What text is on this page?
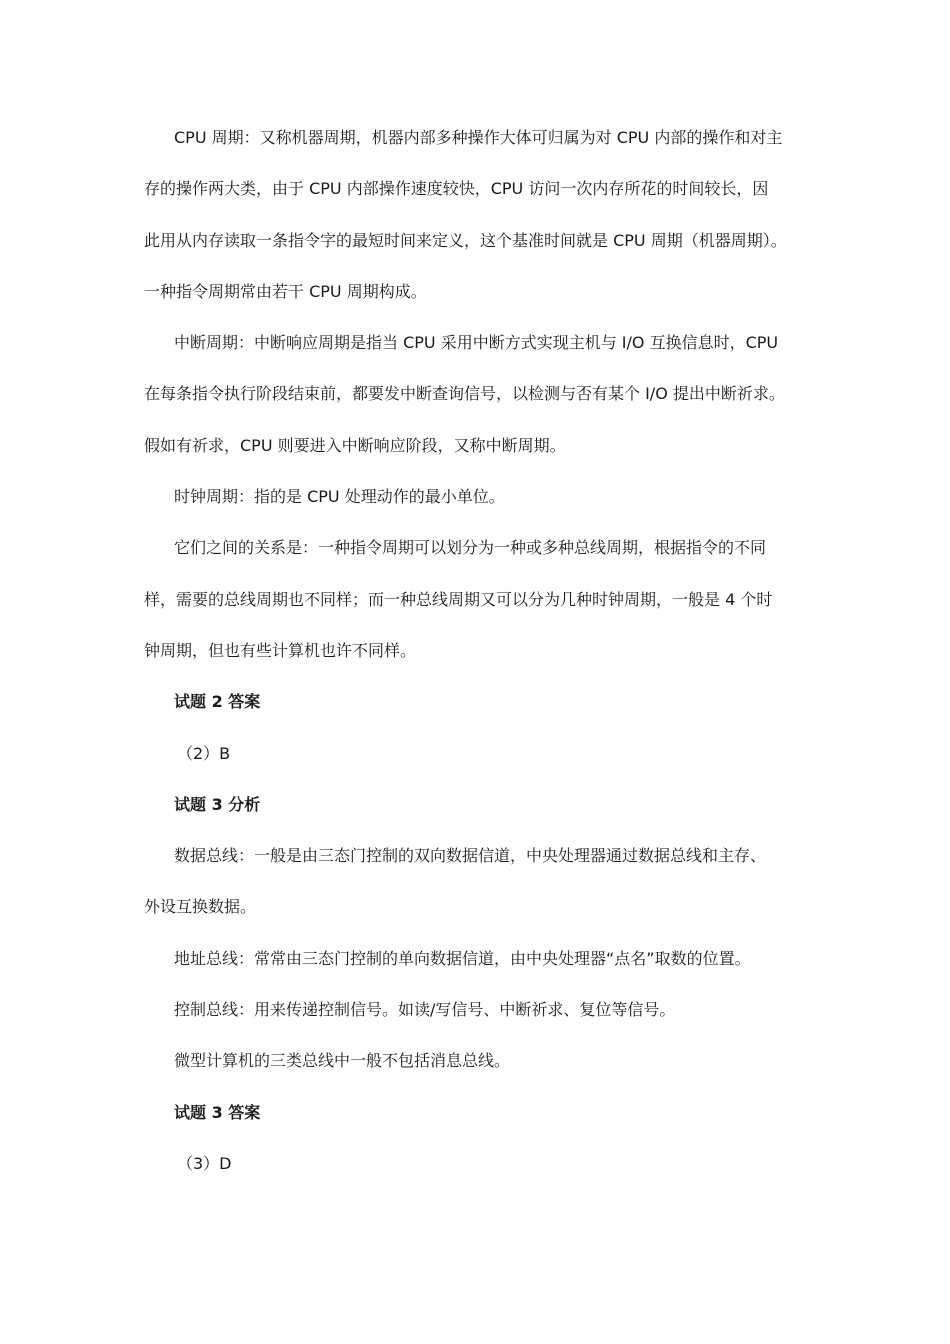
CPU 周期：又称机器周期，机器内部多种操作大体可归属为对 CPU 内部的操作和对主
存的操作两大类，由于 CPU 内部操作速度较快，CPU 访问一次内存所花的时间较长，因
此用从内存读取一条指令字的最短时间来定义，这个基准时间就是 CPU 周期（机器周期）。
一种指令周期常由若干 CPU 周期构成。
中断周期：中断响应周期是指当 CPU 采用中断方式实现主机与 I/O 互换信息时，CPU
在每条指令执行阶段结束前，都要发中断查询信号，以检测与否有某个 I/O 提出中断祈求。
假如有祈求，CPU 则要进入中断响应阶段，又称中断周期。
时钟周期：指的是 CPU 处理动作的最小单位。
它们之间的关系是：一种指令周期可以划分为一种或多种总线周期，根据指令的不同
样，需要的总线周期也不同样；而一种总线周期又可以分为几种时钟周期，一般是 4 个时
钟周期，但也有些计算机也许不同样。
试题 2 答案
（2）B
试题 3 分析
数据总线：一般是由三态门控制的双向数据信道，中央处理器通过数据总线和主存、
外设互换数据。
地址总线：常常由三态门控制的单向数据信道，由中央处理器“点名”取数的位置。
控制总线：用来传递控制信号。如读/写信号、中断祈求、复位等信号。
微型计算机的三类总线中一般不包括消息总线。
试题 3 答案
（3）D
